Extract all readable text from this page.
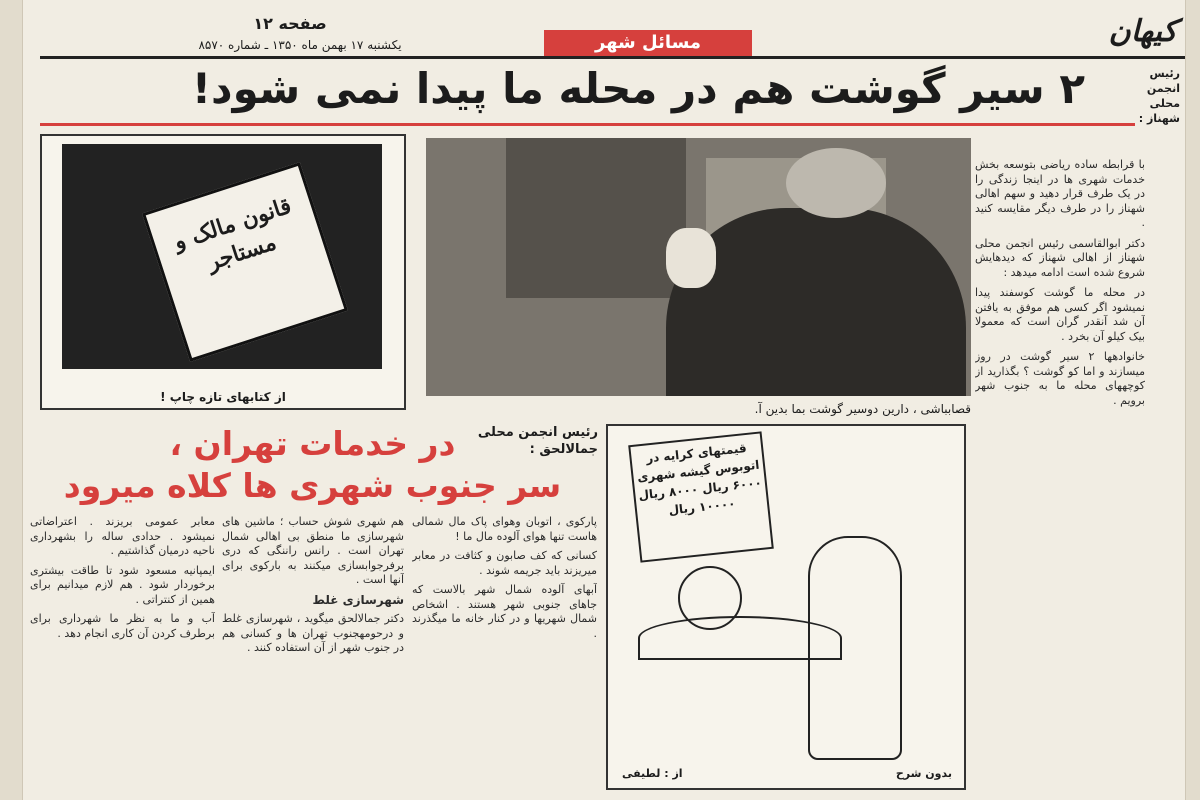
کیهان
مسائل شهر
صفحه ۱۲
یکشنبه ۱۷ بهمن ماه ۱۳۵۰ ـ شماره ۸۵۷۰
رئیس انجمن محلی شهناز :
۲ سیر گوشت هم در محله ما پیدا نمی شود!
قانون مالک و مستاجر
از کتابهای تازه چاپ !
قصابباشی ، دارین دوسیر گوشت بما بدین آ.

با قرابطه ساده ریاضی بتوسعه بخش خدمات شهری ها در اینجا زندگی را در یک طرف قرار دهید و سهم اهالی شهناز را در طرف دیگر مقایسه کنید .

دکتر ابوالقاسمی رئیس انجمن محلی شهناز از اهالی شهناز که دیدهایش شروع شده است ادامه میدهد :

در محله ما گوشت کوسفند پیدا نمیشود اگر کسی هم موفق به یافتن آن شد آنقدر گران است که معمولا بیک کیلو آن بخرد .

خانوادهها ۲ سیر گوشت در روز میسازند و اما کو گوشت ؟ بگذارید از کوچههای محله ما به جنوب شهر برویم .

رئیس انجمن محلی جمالالحق :
در خدمات تهران ،
سر جنوب شهری ها کلاه میرود

پارکوی ، اتوبان وهوای پاک مال شمالی هاست تنها هوای آلوده مال ما !

کسانی که کف صابون و کثافت در معابر میریزند باید جریمه شوند .

آبهای آلوده شمال شهر بالاست که جاهای جنوبی شهر هستند . اشخاص شمال شهریها و در کنار خانه ما میگذرند .

هم شهری شوش حساب ؛ ماشین های شهرسازی ما منطق بی اهالی شمال تهران است . رانس راننگی که دری برفرجوابسازی میکنند به بارکوی برای آنها است .

شهرسازی غلط

دکتر جمالالحق میگوید ، شهرسازی غلط و درحومهجنوب تهران ها و کسانی هم در جنوب شهر از آن استفاده کنند .

معابر عمومی بریزند . اعتراضاتی نمیشود . حدادی ساله را بشهرداری ناحیه درمیان گذاشتیم .

ایمپانیه مسعود شود تا طاقت بیشتری برخوردار شود . هم لازم میدانیم برای همین از کنتراتی .

آب و ما به نظر ما شهرداری برای برطرف کردن آن کاری انجام دهد .

قیمتهای کرایه در اتوبوس گیشه شهری ۶۰۰۰ ریال ۸۰۰۰ ریال ۱۰۰۰۰ ریال
بدون شرح
از : لطیفی
